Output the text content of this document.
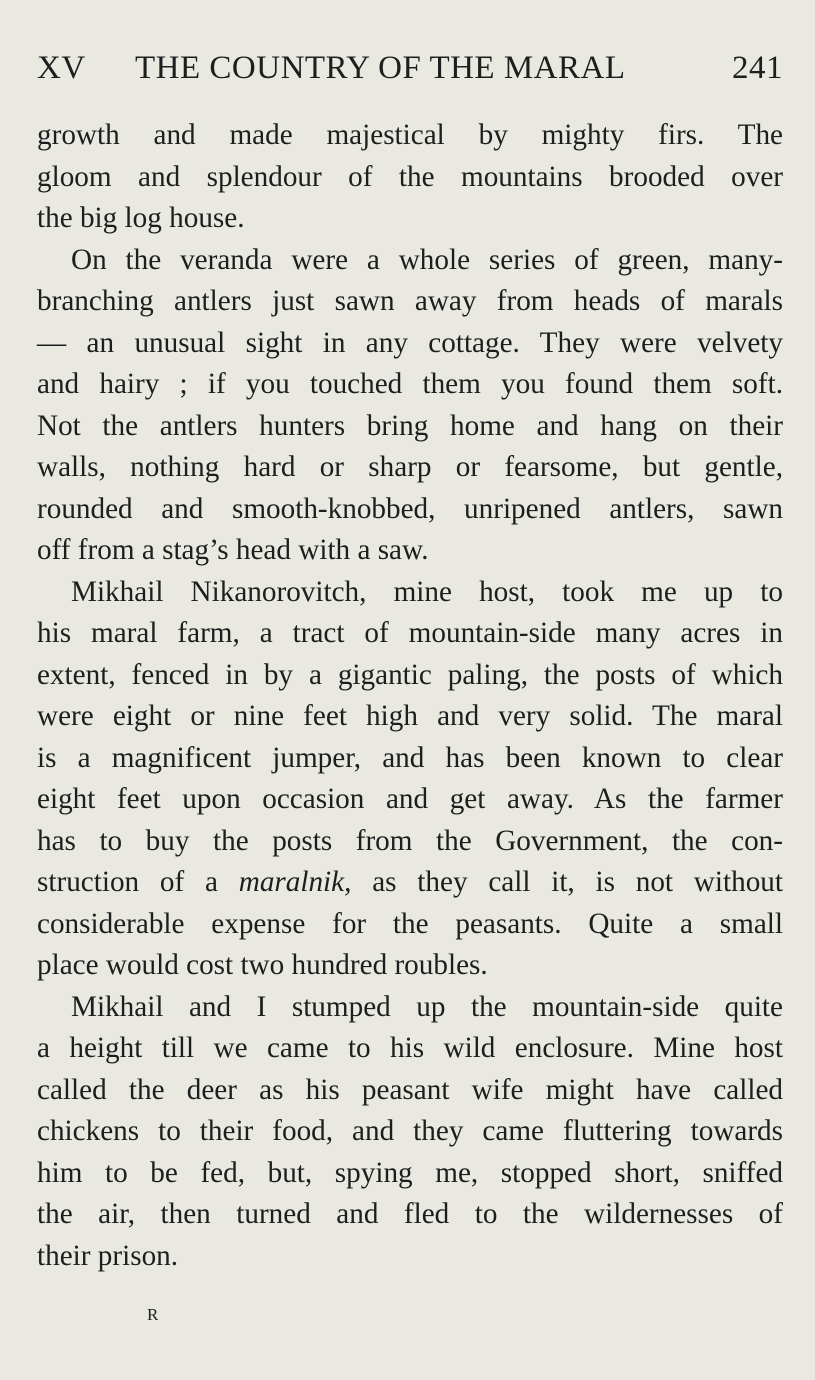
XV THE COUNTRY OF THE MARAL	241
growth and made majestical by mighty firs. The
gloom and splendour of the mountains brooded over
the big log house.
On the veranda were a whole series of green, many-
branching antlers just sawn away from heads of marals
— an unusual sight in any cottage. They were velvety
and hairy ; if you touched them you found them soft.
Not the antlers hunters bring home and hang on their
walls, nothing hard or sharp or fearsome, but gentle,
rounded and smooth-knobbed, unripened antlers, sawn
off from a stag’s head with a saw.
Mikhail Nikanorovitch, mine host, took me up to
his maral farm, a tract of mountain-side many acres in
extent, fenced in by a gigantic paling, the posts of which
were eight or nine feet high and very solid. The maral
is a magnificent jumper, and has been known to clear
eight feet upon occasion and get away. As the farmer
has to buy the posts from the Government, the con-
struction of a maralnik, as they call it, is not without
considerable expense for the peasants. Quite a small
place would cost two hundred roubles.
Mikhail and I stumped up the mountain-side quite
a height till we came to his wild enclosure. Mine host
called the deer as his peasant wife might have called
chickens to their food, and they came fluttering towards
him to be fed, but, spying me, stopped short, sniffed
the air, then turned and fled to the wildernesses of
their prison.
R
